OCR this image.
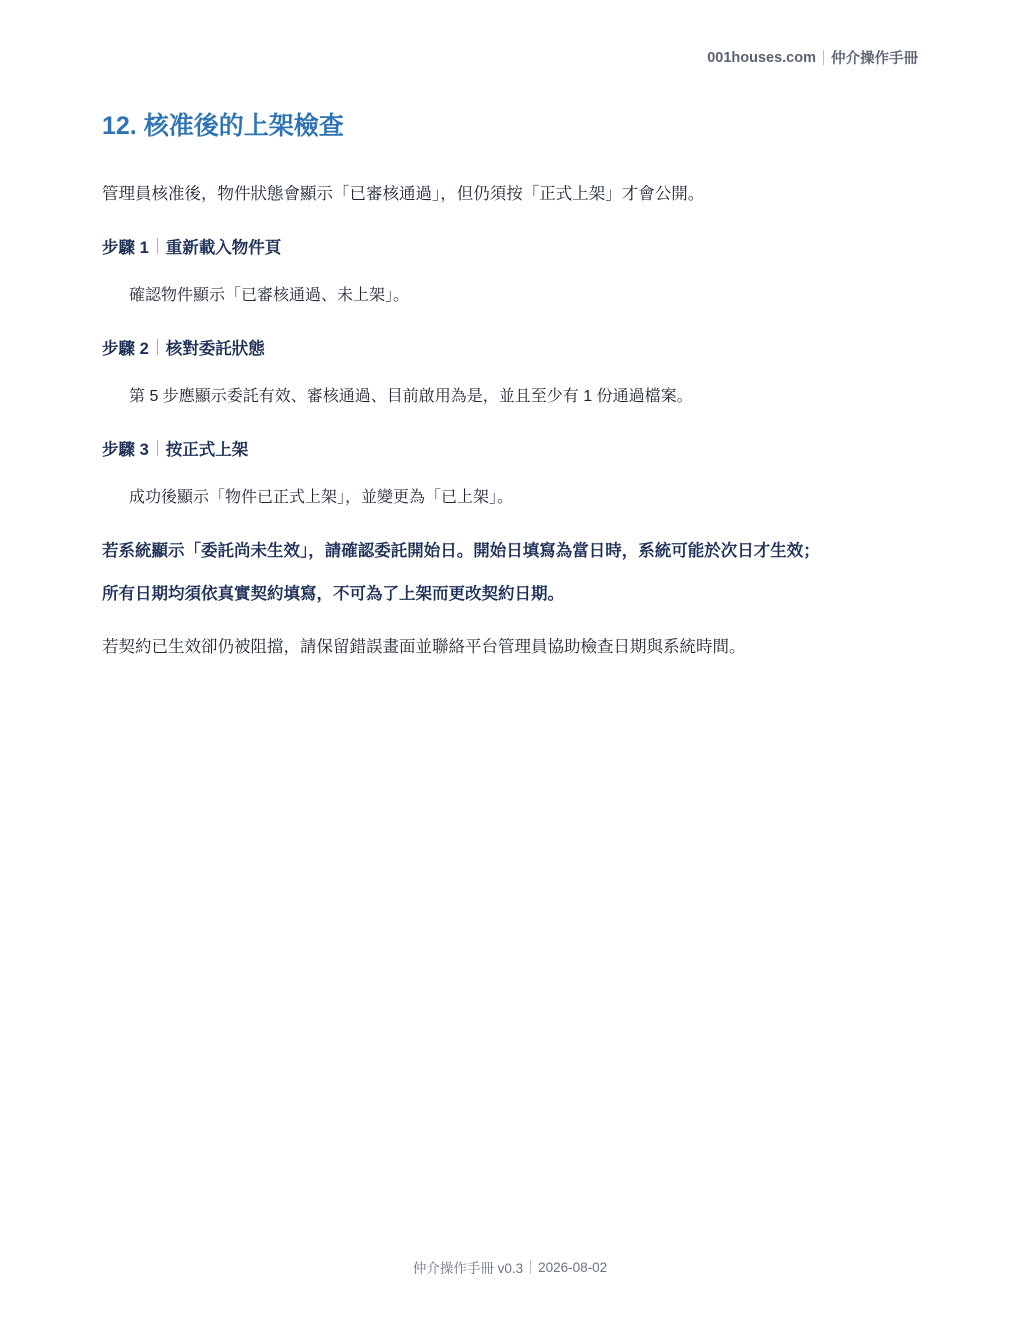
001houses.com 仲介操作手冊
12. 核准後的上架檢查

管理員核准後，物件狀態會顯示「已審核通過」，但仍須按「正式上架」才會公開。

步驟 1 重新載入物件頁

確認物件顯示「已審核通過、未上架」。

步驟 2 核對委託狀態

第 5 步應顯示委託有效、審核通過、目前啟用為是，並且至少有 1 份通過檔案。

步驟 3 按正式上架

成功後顯示「物件已正式上架」，並變更為「已上架」。

若系統顯示「委託尚未生效」，請確認委託開始日。開始日填寫為當日時，系統可能於次日才生效；

所有日期均須依真實契約填寫，不可為了上架而更改契約日期。

若契約已生效卻仍被阻擋，請保留錯誤畫面並聯絡平台管理員協助檢查日期與系統時間。

仲介操作手冊 v0.3 2026-08-02
